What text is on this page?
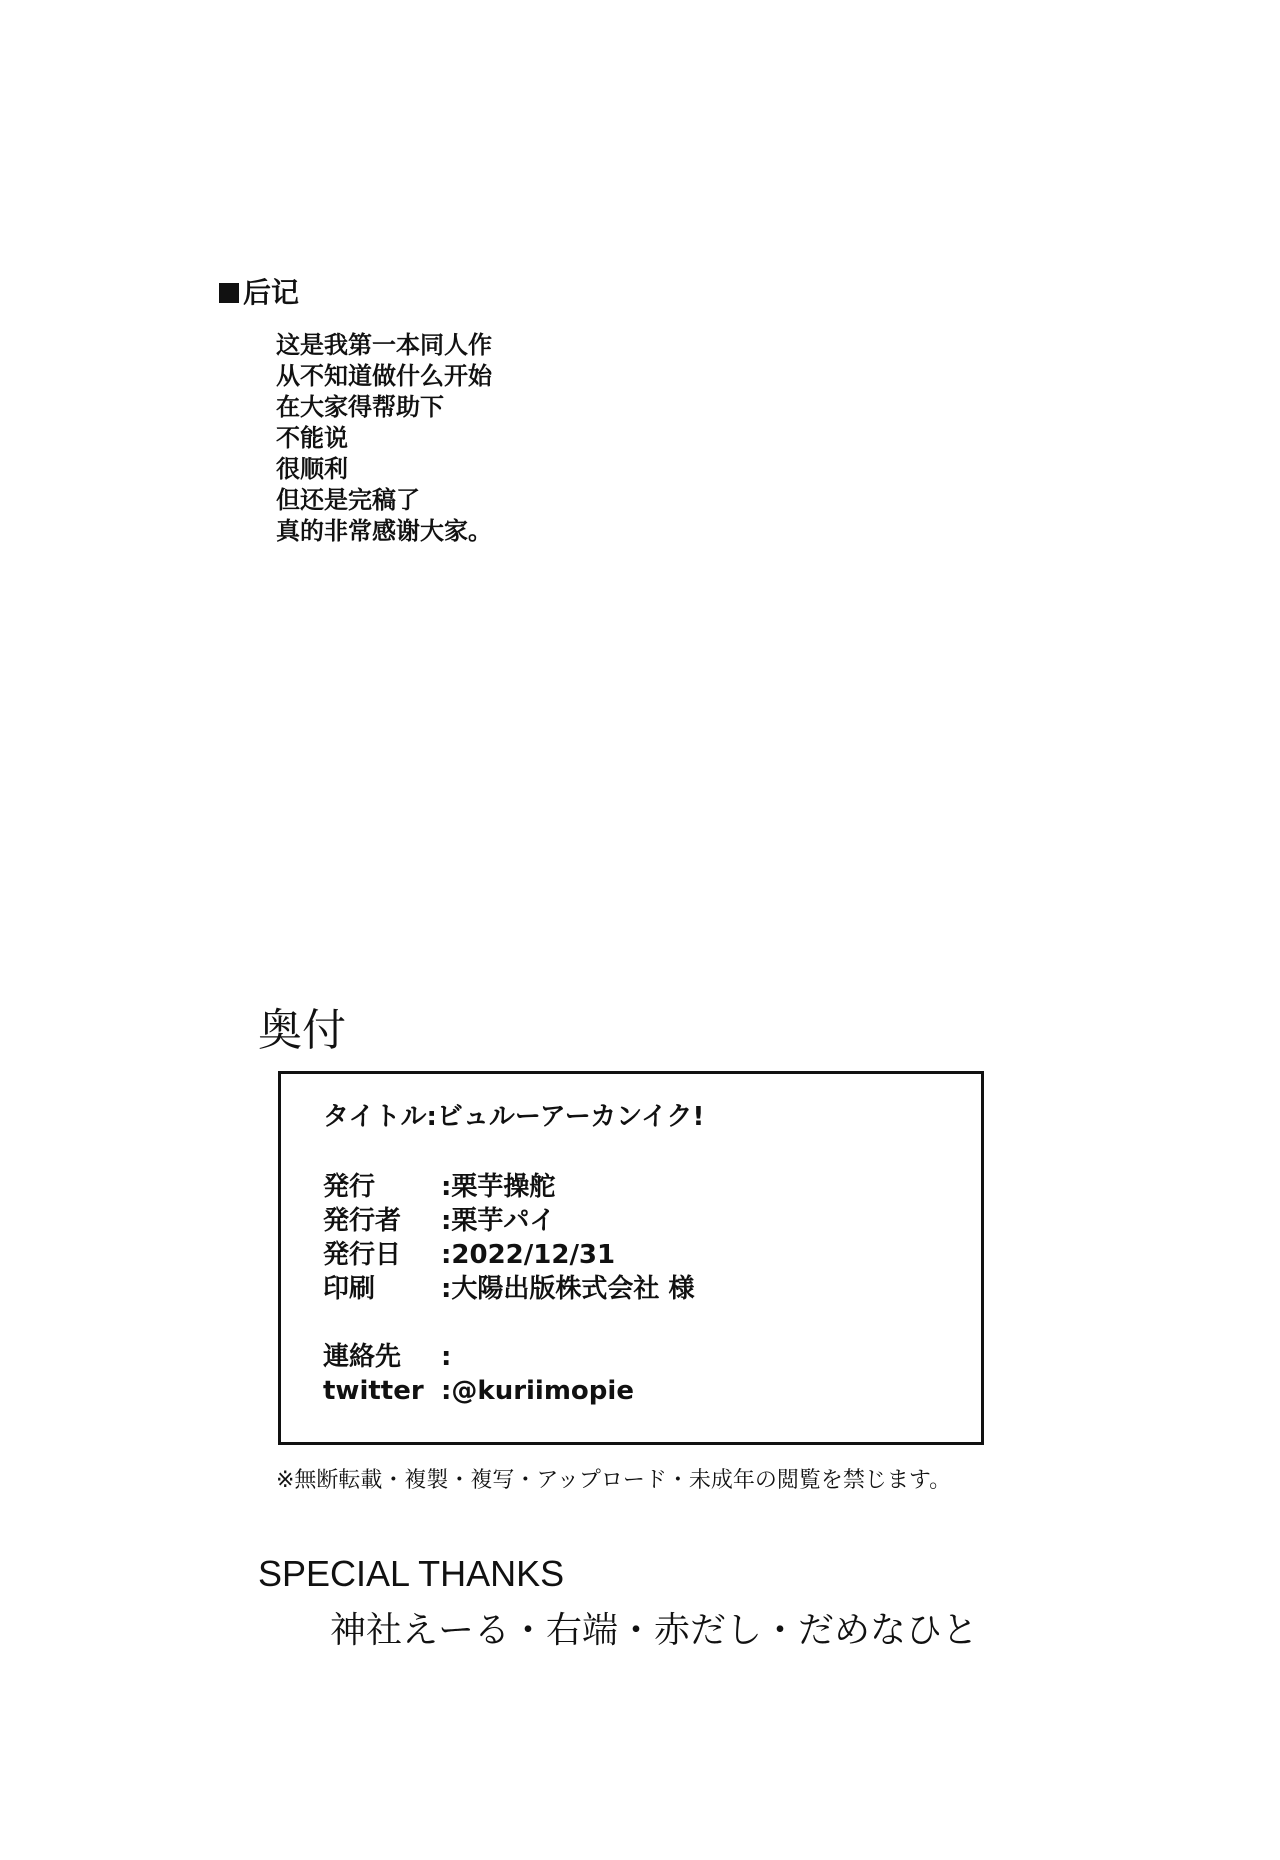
后记
这是我第一本同人作
从不知道做什么开始
在大家得帮助下
不能说
很顺利
但还是完稿了
真的非常感谢大家。
奥付
タイトル:ビュルーアーカンイク!
発行	:栗芋操舵
発行者 :栗芋パイ
発行日 :2022/12/31
印刷	:大陽出版株式会社 様
連絡先 :
twitter :@kuriimopie
※無断転載・複製・複写・アップロード・未成年の閲覧を禁じます。
SPECIAL THANKS
神社えーる・右端・赤だし・だめなひと
